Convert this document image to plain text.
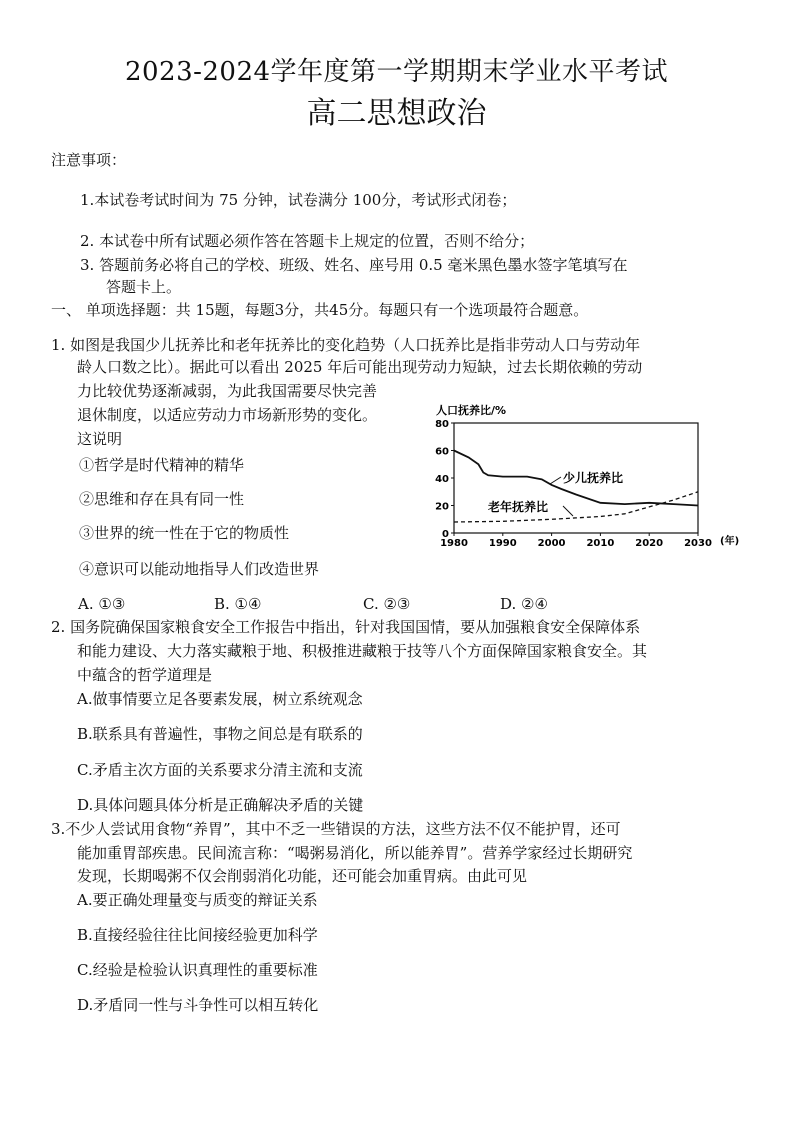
2023-2024学年度第一学期期末学业水平考试
高二思想政治
注意事项：
1.本试卷考试时间为 75 分钟，试卷满分 100分，考试形式闭卷；
2. 本试卷中所有试题必须作答在答题卡上规定的位置，否则不给分；
3. 答题前务必将自己的学校、班级、姓名、座号用 0.5 毫米黑色墨水签字笔填写在
答题卡上。
一、 单项选择题：共 15题，每题3分，共45分。每题只有一个选项最符合题意。
1. 如图是我国少儿抚养比和老年抚养比的变化趋势（人口抚养比是指非劳动人口与劳动年
龄人口数之比）。据此可以看出 2025 年后可能出现劳动力短缺，过去长期依赖的劳动
力比较优势逐渐减弱，为此我国需要尽快完善
退休制度，以适应劳动力市场新形势的变化。
这说明
①哲学是时代精神的精华
②思维和存在具有同一性
③世界的统一性在于它的物质性
④意识可以能动地指导人们改造世界
A. ①③	B. ①④	C. ②③	D. ②④
0
20
40
60
80
1980 1990 2000 2010 2020 2030
人口抚养比/%
(年)
少儿抚养比
老年抚养比
2. 国务院确保国家粮食安全工作报告中指出，针对我国国情，要从加强粮食安全保障体系
和能力建设、大力落实藏粮于地、积极推进藏粮于技等八个方面保障国家粮食安全。其
中蕴含的哲学道理是
A.做事情要立足各要素发展，树立系统观念
B.联系具有普遍性，事物之间总是有联系的
C.矛盾主次方面的关系要求分清主流和支流
D.具体问题具体分析是正确解决矛盾的关键
3.不少人尝试用食物“养胃”，其中不乏一些错误的方法，这些方法不仅不能护胃，还可
能加重胃部疾患。民间流言称：“喝粥易消化，所以能养胃”。营养学家经过长期研究
发现，长期喝粥不仅会削弱消化功能，还可能会加重胃病。由此可见
A.要正确处理量变与质变的辩证关系
B.直接经验往往比间接经验更加科学
C.经验是检验认识真理性的重要标准
D.矛盾同一性与斗争性可以相互转化
